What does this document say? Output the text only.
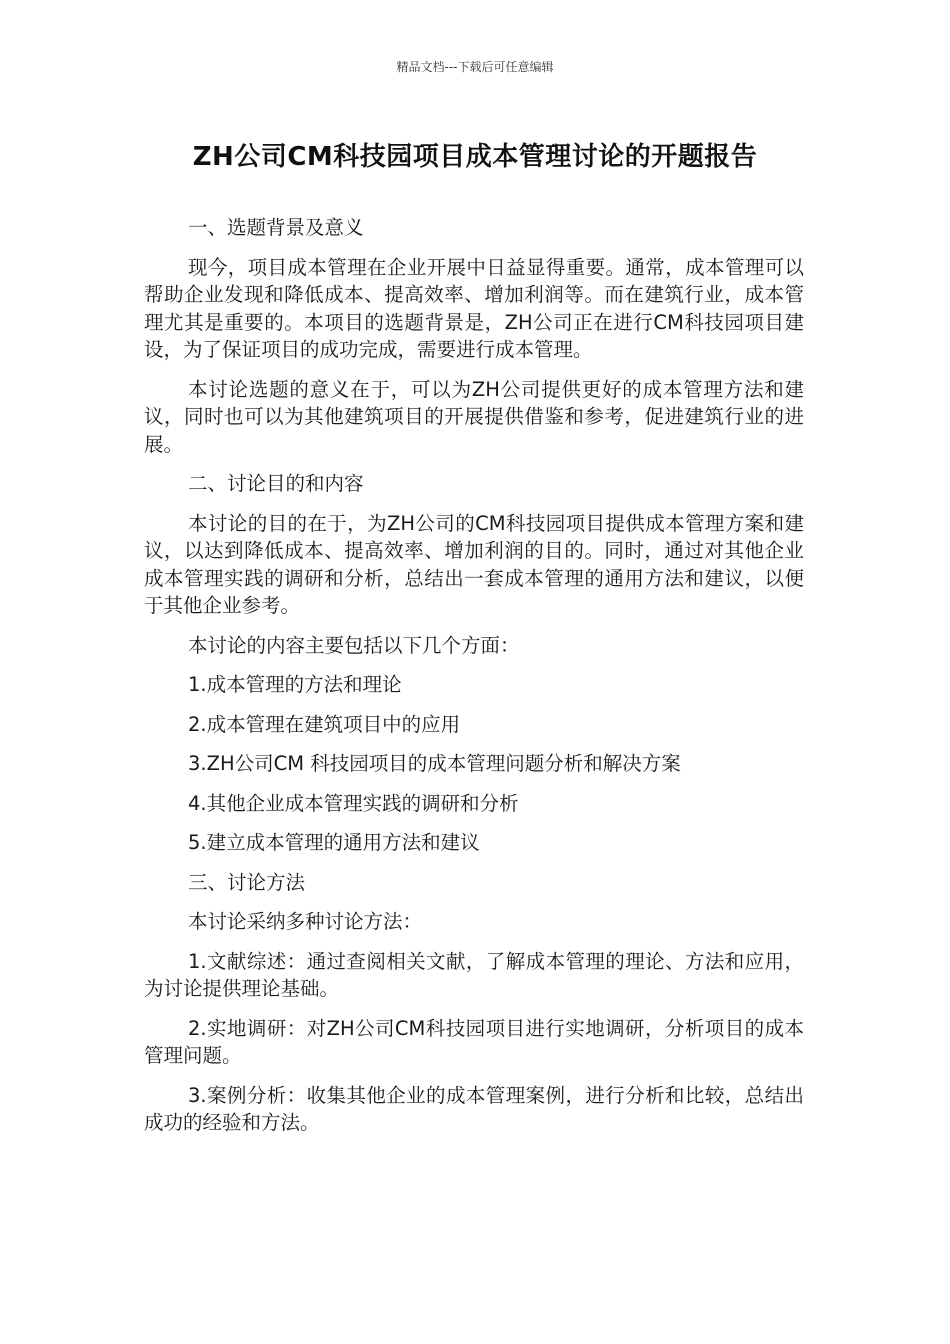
精品文档---下载后可任意编辑
ZH公司CM科技园项目成本管理讨论的开题报告

一、选题背景及意义

现今，项目成本管理在企业开展中日益显得重要。通常，成本管理可以帮助企业发现和降低成本、提高效率、增加利润等。而在建筑行业，成本管理尤其是重要的。本项目的选题背景是，ZH公司正在进行CM科技园项目建设，为了保证项目的成功完成，需要进行成本管理。

本讨论选题的意义在于，可以为ZH公司提供更好的成本管理方法和建议，同时也可以为其他建筑项目的开展提供借鉴和参考，促进建筑行业的进展。

二、讨论目的和内容

本讨论的目的在于，为ZH公司的CM科技园项目提供成本管理方案和建议，以达到降低成本、提高效率、增加利润的目的。同时，通过对其他企业成本管理实践的调研和分析，总结出一套成本管理的通用方法和建议，以便于其他企业参考。

本讨论的内容主要包括以下几个方面：

1.成本管理的方法和理论

2.成本管理在建筑项目中的应用

3.ZH公司CM 科技园项目的成本管理问题分析和解决方案

4.其他企业成本管理实践的调研和分析

5.建立成本管理的通用方法和建议

三、讨论方法

本讨论采纳多种讨论方法：

1.文献综述：通过查阅相关文献，了解成本管理的理论、方法和应用，为讨论提供理论基础。

2.实地调研：对ZH公司CM科技园项目进行实地调研，分析项目的成本管理问题。

3.案例分析：收集其他企业的成本管理案例，进行分析和比较，总结出成功的经验和方法。
